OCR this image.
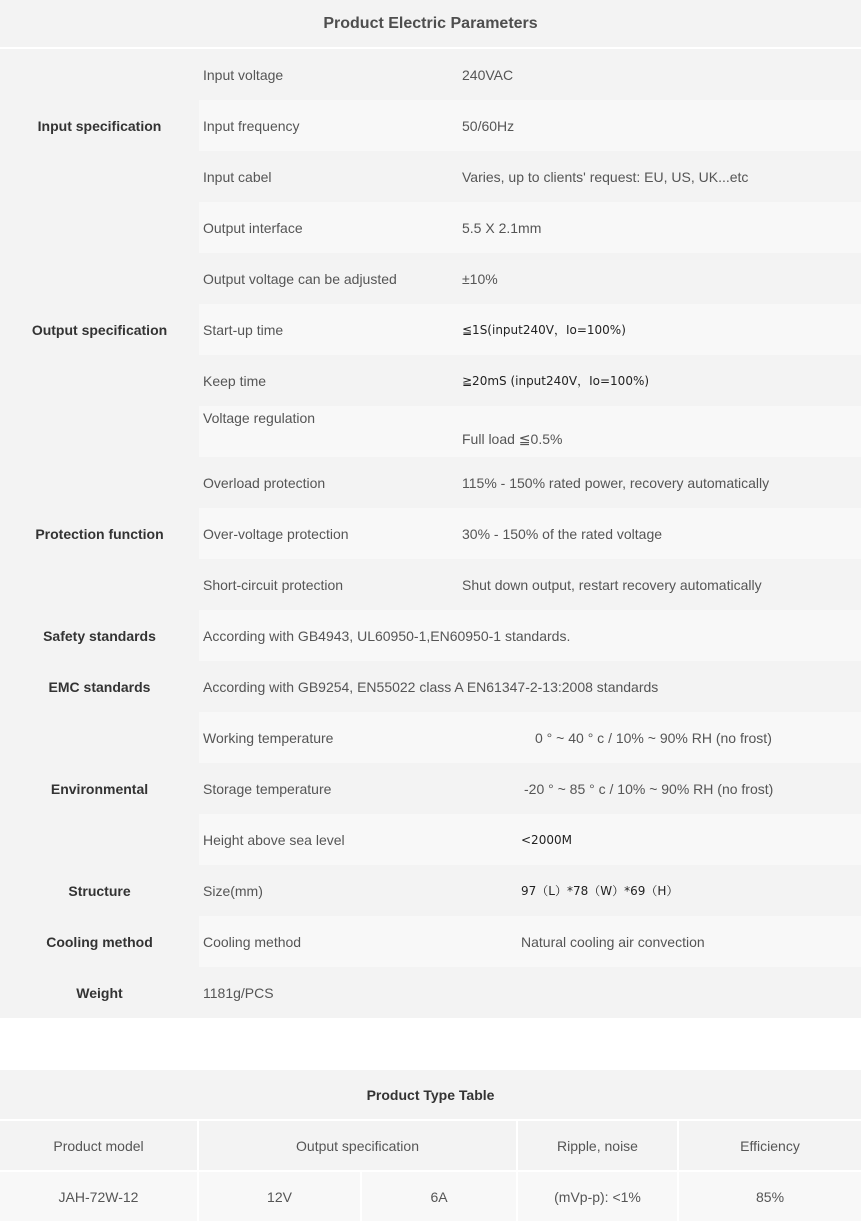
Product Electric Parameters			
Input specification	Input voltage	240VAC	
	Input frequency	50/60Hz	
	Input cabel	Varies, up to clients' request: EU, US, UK...etc	
Output specification	Output interface	5.5 X 2.1mm	
	Output voltage can be adjusted	±10%	
	Start-up time	≦1S(input240V，Io=100%)	
	Keep time	≧20mS (input240V，Io=100%)	
	Voltage regulation	Full load ≦0.5%	
Protection function	Overload protection	115% - 150% rated power, recovery automatically	
	Over-voltage protection	30% - 150% of the rated voltage	
	Short-circuit protection	Shut down output, restart recovery automatically	
Safety standards	According with GB4943, UL60950-1,EN60950-1 standards.		
EMC standards	According with GB9254, EN55022 class A EN61347-2-13:2008 standards		
Environmental	Working temperature		0 ° ~ 40 ° c / 10% ~ 90% RH (no frost)
	Storage temperature		-20 ° ~ 85 ° c / 10% ~ 90% RH (no frost)
	Height above sea level		<2000M
Structure	Size(mm)		97（L）*78（W）*69（H）
Cooling method	Cooling method		Natural cooling air convection
Weight	1181g/PCS		
Product Type Table				
Product model	Output specification		Ripple, noise	Efficiency
JAH-72W-12	12V	6A	(mVp-p): <1%	85%
